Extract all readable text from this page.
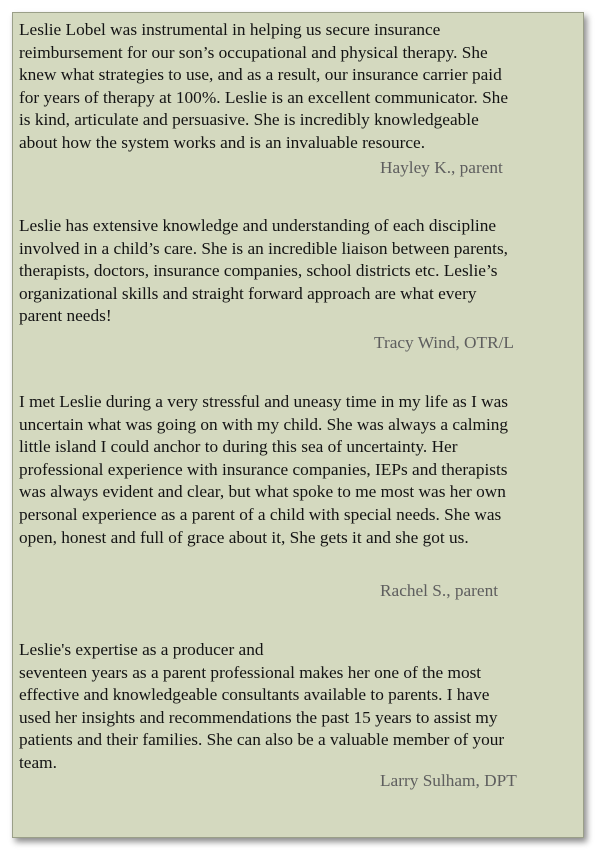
Leslie Lobel was instrumental in helping us secure insurance
reimbursement for our son’s occupational and physical therapy. She
knew what strategies to use, and as a result, our insurance carrier paid
for years of therapy at 100%. Leslie is an excellent communicator. She
is kind, articulate and persuasive. She is incredibly knowledgeable
about how the system works and is an invaluable resource.
Hayley K., parent
Leslie has extensive knowledge and understanding of each discipline
involved in a child’s care. She is an incredible liaison between parents,
therapists, doctors, insurance companies, school districts etc. Leslie’s
organizational skills and straight forward approach are what every
parent needs!
Tracy Wind, OTR/L
I met Leslie during a very stressful and uneasy time in my life as I was
uncertain what was going on with my child. She was always a calming
little island I could anchor to during this sea of uncertainty. Her
professional experience with insurance companies, IEPs and therapists
was always evident and clear, but what spoke to me most was her own
personal experience as a parent of a child with special needs. She was
open, honest and full of grace about it, She gets it and she got us.
Rachel S., parent
Leslie's expertise as a producer and
seventeen years as a parent professional makes her one of the most
effective and knowledgeable consultants available to parents. I have
used her insights and recommendations the past 15 years to assist my
patients and their families. She can also be a valuable member of your
team.
Larry Sulham, DPT
